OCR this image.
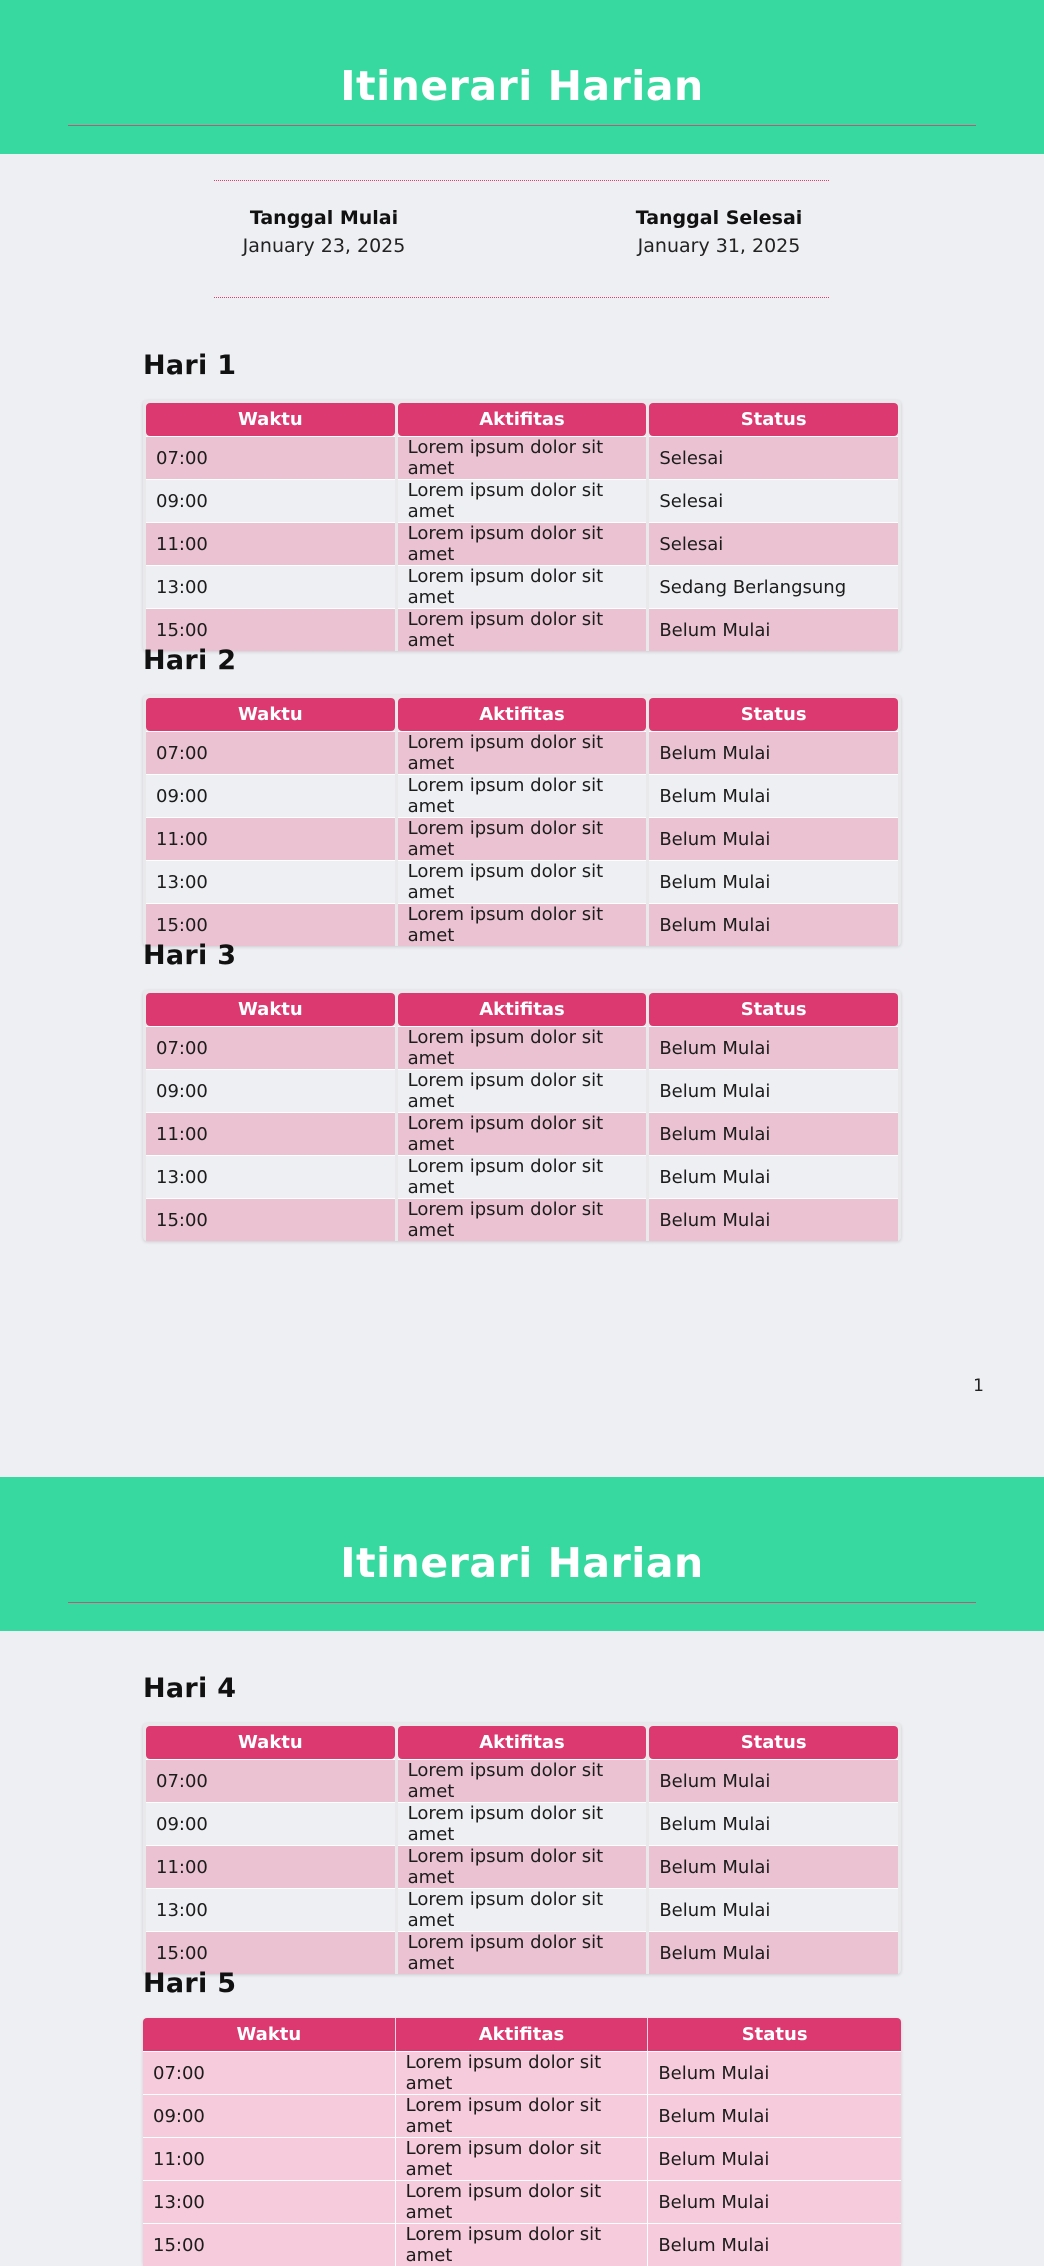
Itinerari Harian
Tanggal Mulai
January 23, 2025
Tanggal Selesai
January 31, 2025
Hari 1
Waktu	Aktifitas	Status
07:00	Lorem ipsum dolor sit amet	Selesai
09:00	Lorem ipsum dolor sit amet	Selesai
11:00	Lorem ipsum dolor sit amet	Selesai
13:00	Lorem ipsum dolor sit amet	Sedang Berlangsung
15:00	Lorem ipsum dolor sit amet	Belum Mulai
Hari 2
Waktu	Aktifitas	Status
07:00	Lorem ipsum dolor sit amet	Belum Mulai
09:00	Lorem ipsum dolor sit amet	Belum Mulai
11:00	Lorem ipsum dolor sit amet	Belum Mulai
13:00	Lorem ipsum dolor sit amet	Belum Mulai
15:00	Lorem ipsum dolor sit amet	Belum Mulai
Hari 3
Waktu	Aktifitas	Status
07:00	Lorem ipsum dolor sit amet	Belum Mulai
09:00	Lorem ipsum dolor sit amet	Belum Mulai
11:00	Lorem ipsum dolor sit amet	Belum Mulai
13:00	Lorem ipsum dolor sit amet	Belum Mulai
15:00	Lorem ipsum dolor sit amet	Belum Mulai
1
Itinerari Harian
Hari 4
Waktu	Aktifitas	Status
07:00	Lorem ipsum dolor sit amet	Belum Mulai
09:00	Lorem ipsum dolor sit amet	Belum Mulai
11:00	Lorem ipsum dolor sit amet	Belum Mulai
13:00	Lorem ipsum dolor sit amet	Belum Mulai
15:00	Lorem ipsum dolor sit amet	Belum Mulai
Hari 5
Waktu	Aktifitas	Status
07:00	Lorem ipsum dolor sit amet	Belum Mulai
09:00	Lorem ipsum dolor sit amet	Belum Mulai
11:00	Lorem ipsum dolor sit amet	Belum Mulai
13:00	Lorem ipsum dolor sit amet	Belum Mulai
15:00	Lorem ipsum dolor sit amet	Belum Mulai
